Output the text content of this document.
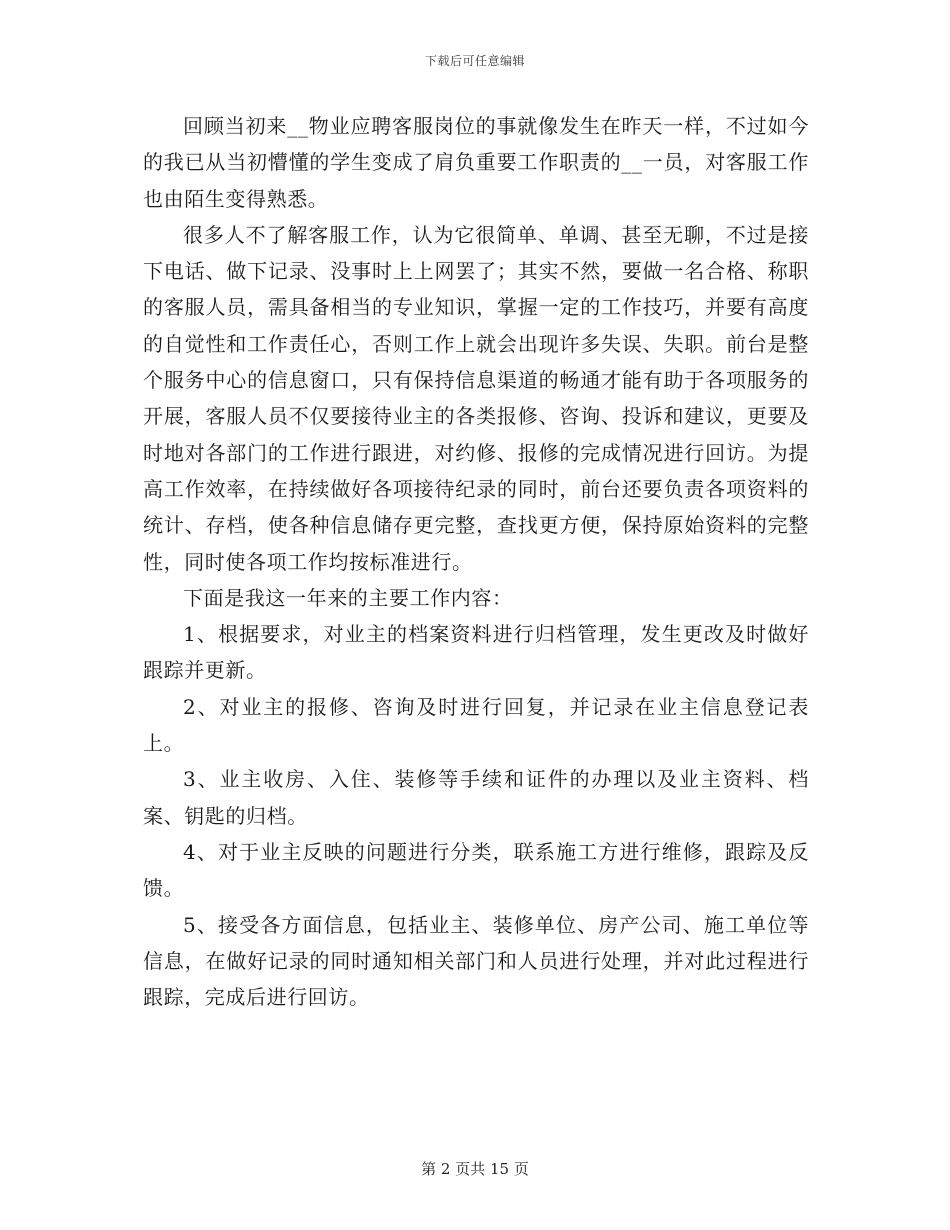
下载后可任意编辑

回顾当初来__物业应聘客服岗位的事就像发生在昨天一样，不过如今的我已从当初懵懂的学生变成了肩负重要工作职责的__一员，对客服工作也由陌生变得熟悉。

很多人不了解客服工作，认为它很简单、单调、甚至无聊，不过是接下电话、做下记录、没事时上上网罢了；其实不然，要做一名合格、称职的客服人员，需具备相当的专业知识，掌握一定的工作技巧，并要有高度的自觉性和工作责任心，否则工作上就会出现许多失误、失职。前台是整个服务中心的信息窗口，只有保持信息渠道的畅通才能有助于各项服务的开展，客服人员不仅要接待业主的各类报修、咨询、投诉和建议，更要及时地对各部门的工作进行跟进，对约修、报修的完成情况进行回访。为提高工作效率，在持续做好各项接待纪录的同时，前台还要负责各项资料的统计、存档，使各种信息储存更完整，查找更方便，保持原始资料的完整性，同时使各项工作均按标准进行。

下面是我这一年来的主要工作内容：

1、根据要求，对业主的档案资料进行归档管理，发生更改及时做好跟踪并更新。

2、对业主的报修、咨询及时进行回复，并记录在业主信息登记表上。

3、业主收房、入住、装修等手续和证件的办理以及业主资料、档案、钥匙的归档。

4、对于业主反映的问题进行分类，联系施工方进行维修，跟踪及反馈。

5、接受各方面信息，包括业主、装修单位、房产公司、施工单位等信息，在做好记录的同时通知相关部门和人员进行处理，并对此过程进行跟踪，完成后进行回访。

第 2 页共 15 页
